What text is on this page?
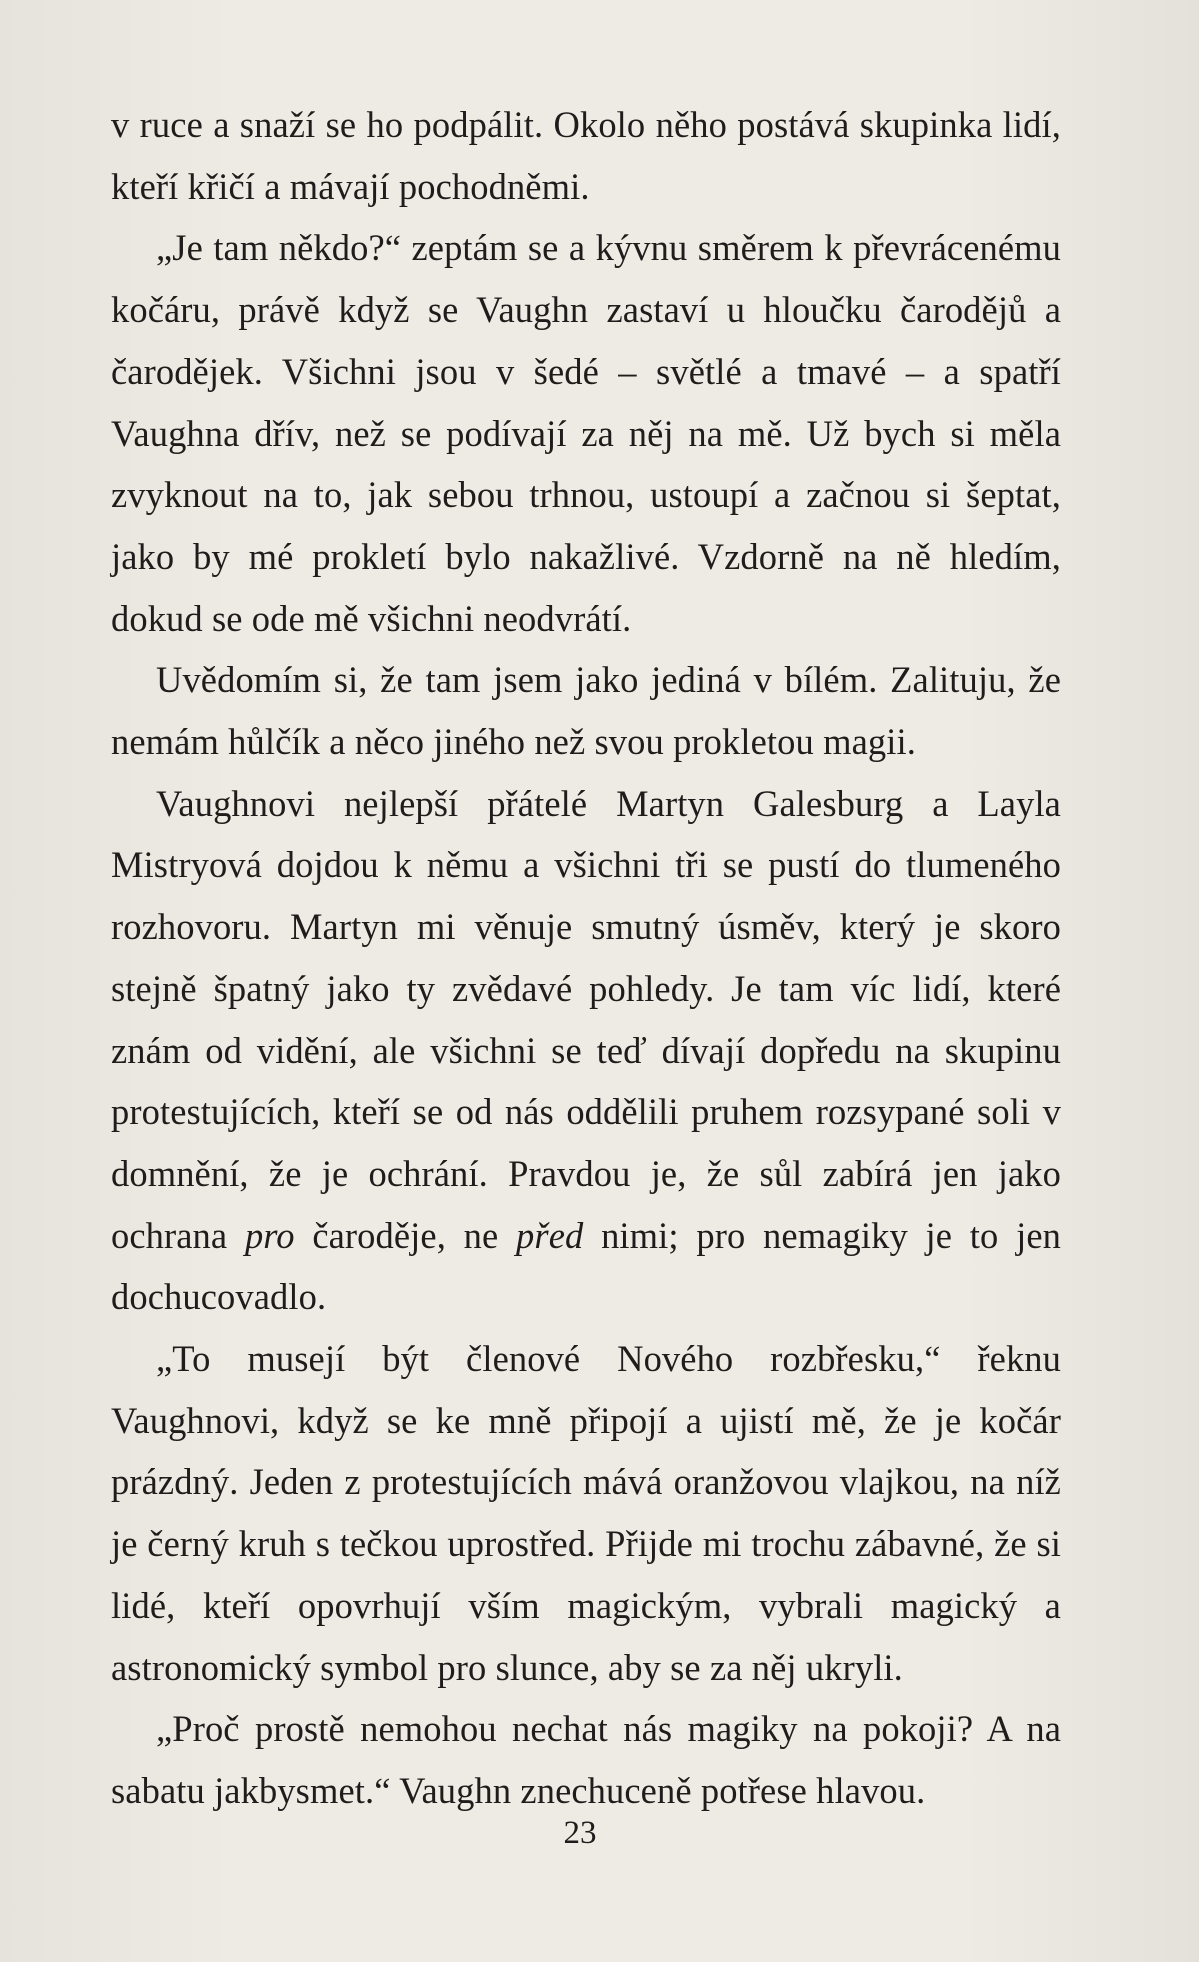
v ruce a snaží se ho podpálit. Okolo něho postává skupinka lidí, kteří křičí a mávají pochodněmi.

„Je tam někdo?“ zeptám se a kývnu směrem k převrácenému kočáru, právě když se Vaughn zastaví u hloučku čarodějů a čarodějek. Všichni jsou v šedé – světlé a tmavé – a spatří Vaughna dřív, než se podívají za něj na mě. Už bych si měla zvyknout na to, jak sebou trhnou, ustoupí a začnou si šeptat, jako by mé prokletí bylo nakažlivé. Vzdorně na ně hledím, dokud se ode mě všichni neodvrátí.

Uvědomím si, že tam jsem jako jediná v bílém. Zalituju, že nemám hůlčík a něco jiného než svou prokletou magii.

Vaughnovi nejlepší přátelé Martyn Galesburg a Layla Mistryová dojdou k němu a všichni tři se pustí do tlumeného rozhovoru. Martyn mi věnuje smutný úsměv, který je skoro stejně špatný jako ty zvědavé pohledy. Je tam víc lidí, které znám od vidění, ale všichni se teď dívají dopředu na skupinu protestujících, kteří se od nás oddělili pruhem rozsypané soli v domnění, že je ochrání. Pravdou je, že sůl zabírá jen jako ochrana pro čaroděje, ne před nimi; pro nemagiky je to jen dochucovadlo.

„To musejí být členové Nového rozbřesku,“ řeknu Vaughnovi, když se ke mně připojí a ujistí mě, že je kočár prázdný. Jeden z protestujících mává oranžovou vlajkou, na níž je černý kruh s tečkou uprostřed. Přijde mi trochu zábavné, že si lidé, kteří opovrhují vším magickým, vybrali magický a astronomický symbol pro slunce, aby se za něj ukryli.

„Proč prostě nemohou nechat nás magiky na pokoji? A na sabatu jakbysmet.“ Vaughn znechuceně potřese hlavou.

23
